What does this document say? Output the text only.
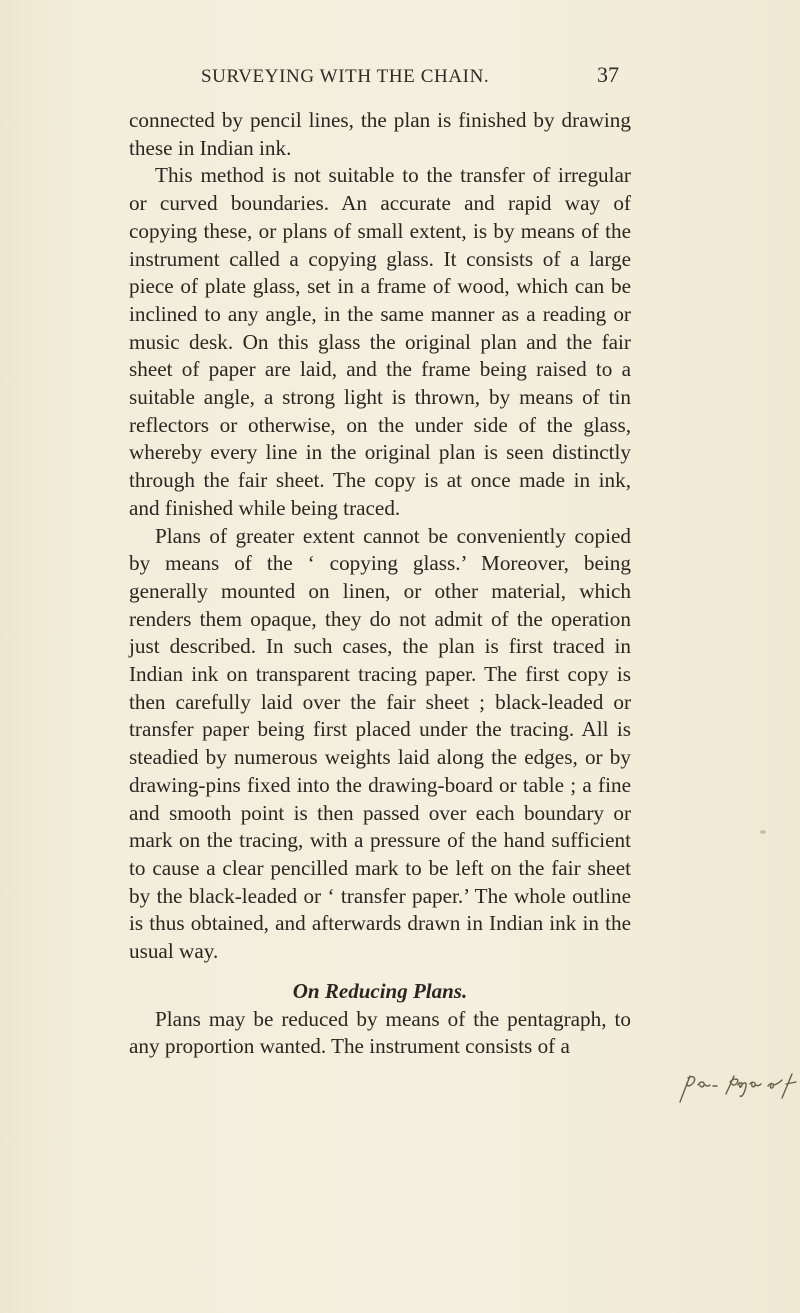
SURVEYING WITH THE CHAIN.	37

connected by pencil lines, the plan is finished by drawing these in Indian ink.

This method is not suitable to the transfer of irregular or curved boundaries. An accurate and rapid way of copying these, or plans of small extent, is by means of the instrument called a copying glass. It consists of a large piece of plate glass, set in a frame of wood, which can be inclined to any angle, in the same manner as a reading or music desk. On this glass the original plan and the fair sheet of paper are laid, and the frame being raised to a suitable angle, a strong light is thrown, by means of tin reflectors or otherwise, on the under side of the glass, whereby every line in the original plan is seen distinctly through the fair sheet. The copy is at once made in ink, and finished while being traced.

Plans of greater extent cannot be conveniently copied by means of the ‘ copying glass.’ Moreover, being generally mounted on linen, or other material, which renders them opaque, they do not admit of the operation just described. In such cases, the plan is first traced in Indian ink on transparent tracing paper. The first copy is then carefully laid over the fair sheet ; black-leaded or transfer paper being first placed under the tracing. All is steadied by numerous weights laid along the edges, or by drawing-pins fixed into the drawing-board or table ; a fine and smooth point is then passed over each boundary or mark on the tracing, with a pressure of the hand sufficient to cause a clear pencilled mark to be left on the fair sheet by the black-leaded or ‘ transfer paper.’ The whole outline is thus obtained, and afterwards drawn in Indian ink in the usual way.

On Reducing Plans.

Plans may be reduced by means of the pentagraph, to any proportion wanted. The instrument consists of a
